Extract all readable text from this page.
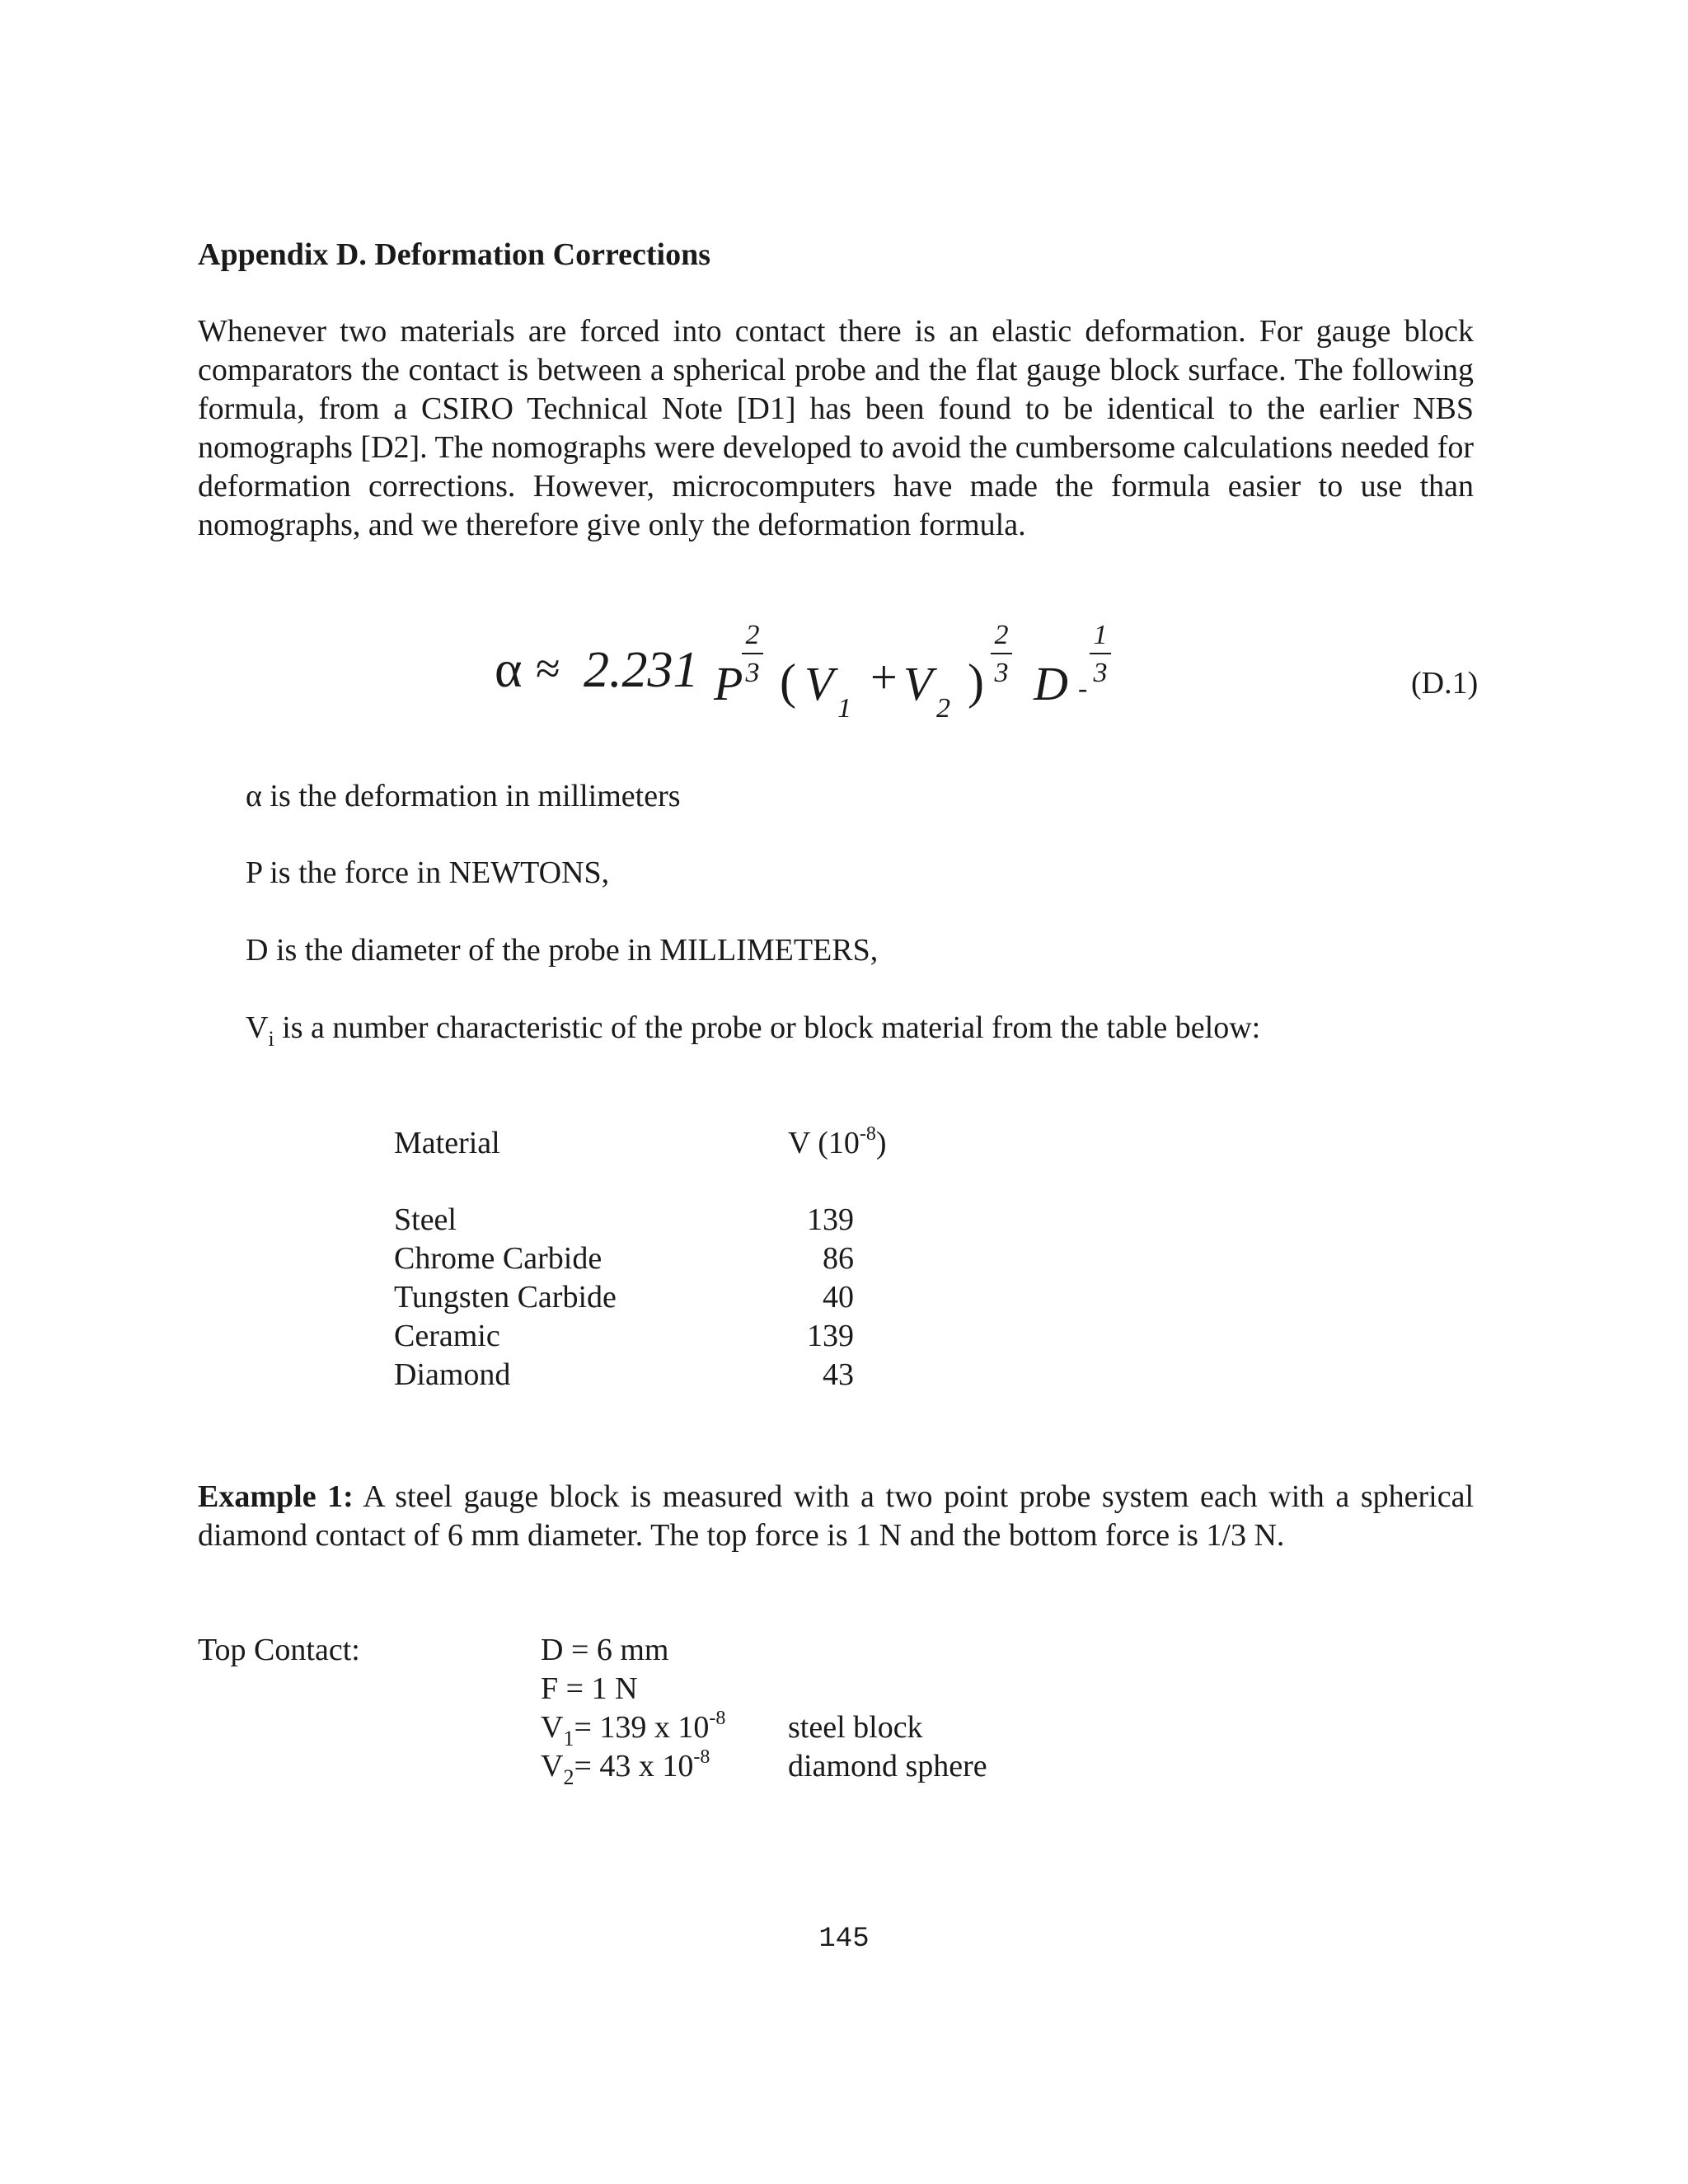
Appendix D. Deformation Corrections

Whenever two materials are forced into contact there is an elastic deformation. For gauge block comparators the contact is between a spherical probe and the flat gauge block surface. The following formula, from a CSIRO Technical Note [D1] has been found to be identical to the earlier NBS nomographs [D2]. The nomographs were developed to avoid the cumbersome calculations needed for deformation corrections. However, microcomputers have made the formula easier to use than nomographs, and we therefore give only the deformation formula.

α ≈ 2.231 P
2
3 ( V 1
+ V 2 )
2
3 D -
1
3	(D.1)
α is the deformation in millimeters
P is the force in NEWTONS,
D is the diameter of the probe in MILLIMETERS,
$V_i$ is a number characteristic of the probe or block material from the table below:
Material	V $(10^{-8})$
Steel	139
Chrome Carbide	86
Tungsten Carbide	40
Ceramic	139
Diamond	43
Example 1: A steel gauge block is measured with a two point probe system each with a spherical diamond contact of 6 mm diameter. The top force is 1 N and the bottom force is 1/3 N.
Top Contact:	D = 6 mm
F = 1 N
$V_1= 139$ x $10^{-8}$ steel block
$V_2= 43$ x $10^{-8}$ diamond sphere
145
